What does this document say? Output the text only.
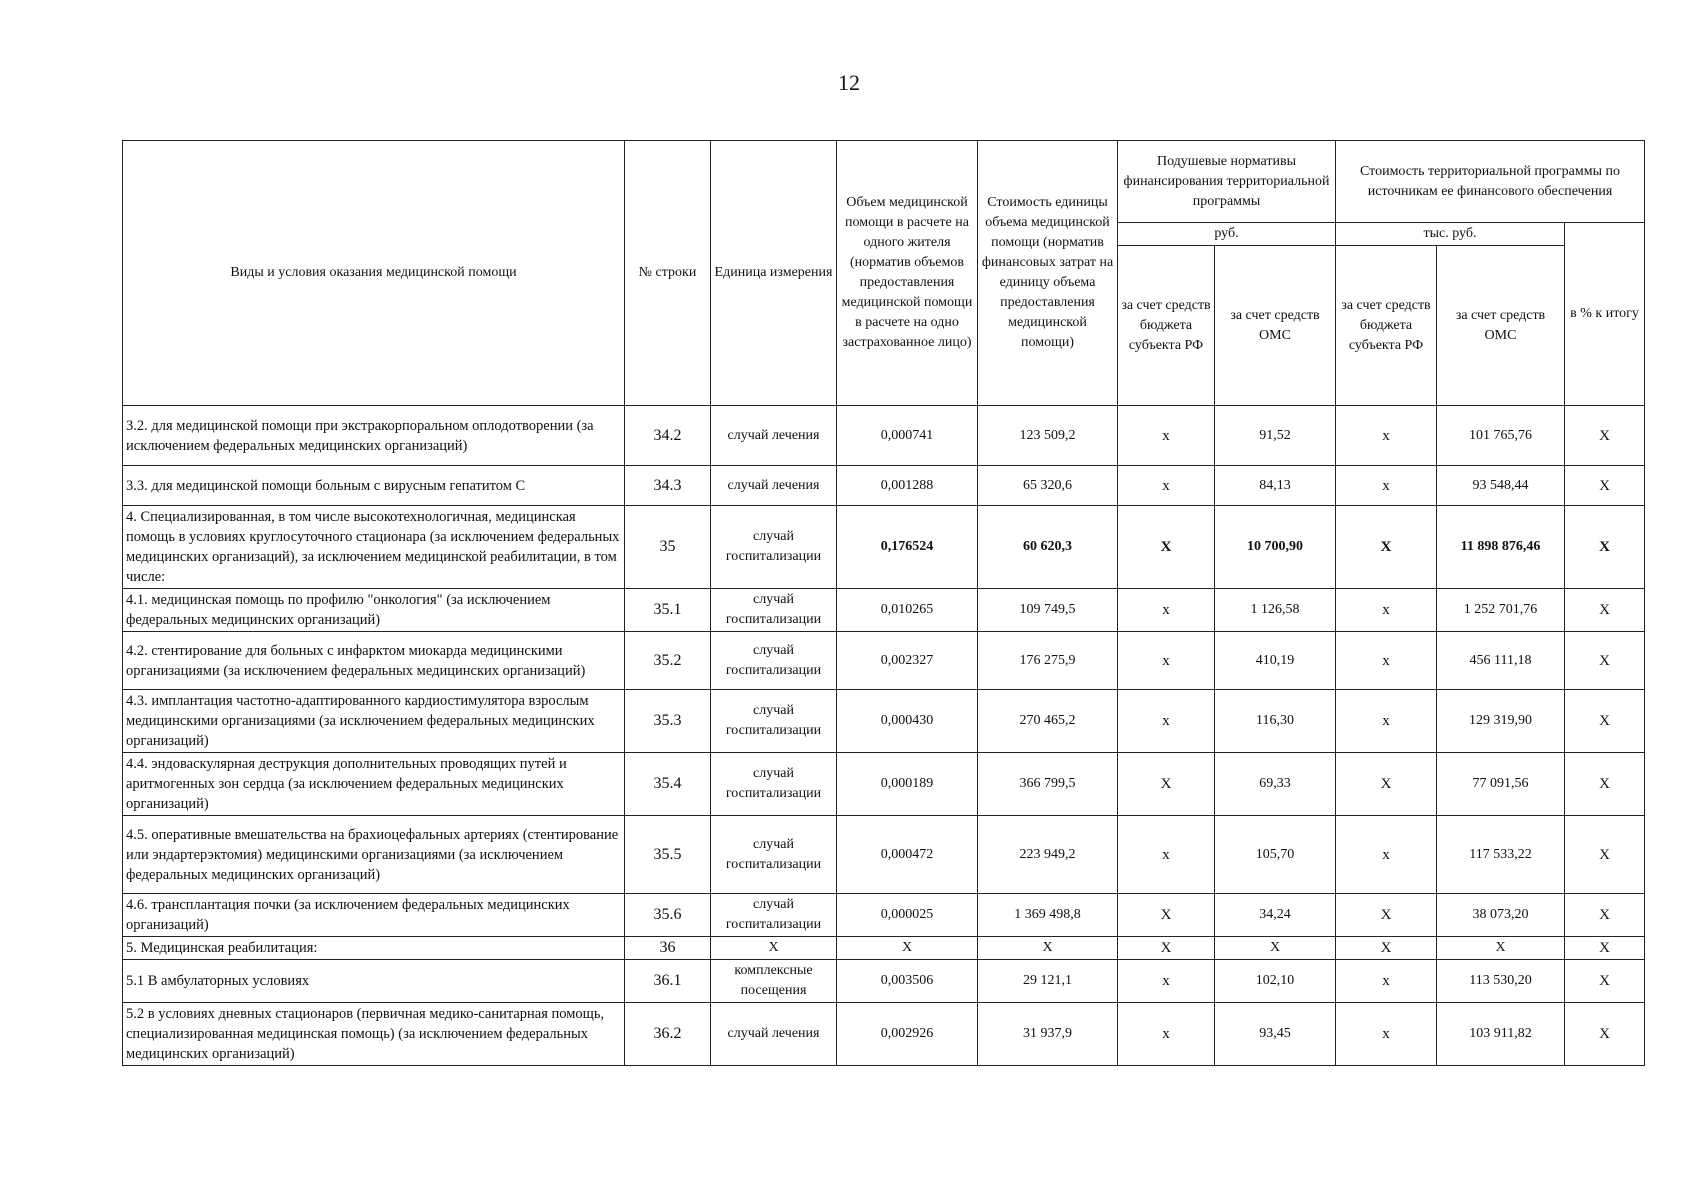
12
Виды и условия оказания медицинской помощи	№ строки	Единица измерения	Объем медицинской помощи в расчете на одного жителя (норматив объемов предоставления медицинской помощи в расчете на одно застрахованное лицо)	Стоимость единицы объема медицинской помощи (норматив финансовых затрат на единицу объема предоставления медицинской помощи)	Подушевые нормативы финансирования территориальной программы		Стоимость территориальной программы по источникам ее финансового обеспечения		
					руб.		тыс. руб.		в % к итогу
					за счет средств бюджета субъекта РФ	за счет средств ОМС	за счет средств бюджета субъекта РФ	за счет средств ОМС	
3.2. для медицинской помощи при экстракорпоральном оплодотворении (за исключением федеральных медицинских организаций)	34.2	случай лечения	0,000741	123 509,2	x	91,52	x	101 765,76	X
3.3. для медицинской помощи больным с вирусным гепатитом С	34.3	случай лечения	0,001288	65 320,6	x	84,13	x	93 548,44	X
4. Специализированная, в том числе высокотехнологичная, медицинская помощь в условиях круглосуточного стационара (за исключением федеральных медицинских организаций), за исключением медицинской реабилитации, в том числе:	35	случай госпитализации	0,176524	60 620,3	X	10 700,90	X	11 898 876,46	X
4.1. медицинская помощь по профилю "онкология" (за исключением федеральных медицинских организаций)	35.1	случай госпитализации	0,010265	109 749,5	x	1 126,58	x	1 252 701,76	X
4.2. стентирование для больных с инфарктом миокарда медицинскими организациями (за исключением федеральных медицинских организаций)	35.2	случай госпитализации	0,002327	176 275,9	x	410,19	x	456 111,18	X
4.3. имплантация частотно-адаптированного кардиостимулятора взрослым медицинскими организациями (за исключением федеральных медицинских организаций)	35.3	случай госпитализации	0,000430	270 465,2	x	116,30	x	129 319,90	X
4.4. эндоваскулярная деструкция дополнительных проводящих путей и аритмогенных зон сердца (за исключением федеральных медицинских организаций)	35.4	случай госпитализации	0,000189	366 799,5	X	69,33	X	77 091,56	X
4.5. оперативные вмешательства на брахиоцефальных артериях (стентирование или эндартерэктомия) медицинскими организациями (за исключением федеральных медицинских организаций)	35.5	случай госпитализации	0,000472	223 949,2	x	105,70	x	117 533,22	X
4.6. трансплантация почки (за исключением федеральных медицинских организаций)	35.6	случай госпитализации	0,000025	1 369 498,8	X	34,24	X	38 073,20	X
5. Медицинская реабилитация:	36	X	X	X	X	X	X	X	X
5.1 В амбулаторных условиях	36.1	комплексные посещения	0,003506	29 121,1	x	102,10	x	113 530,20	X
5.2 в условиях дневных стационаров (первичная медико-санитарная помощь, специализированная медицинская помощь) (за исключением федеральных медицинских организаций)	36.2	случай лечения	0,002926	31 937,9	x	93,45	x	103 911,82	X
